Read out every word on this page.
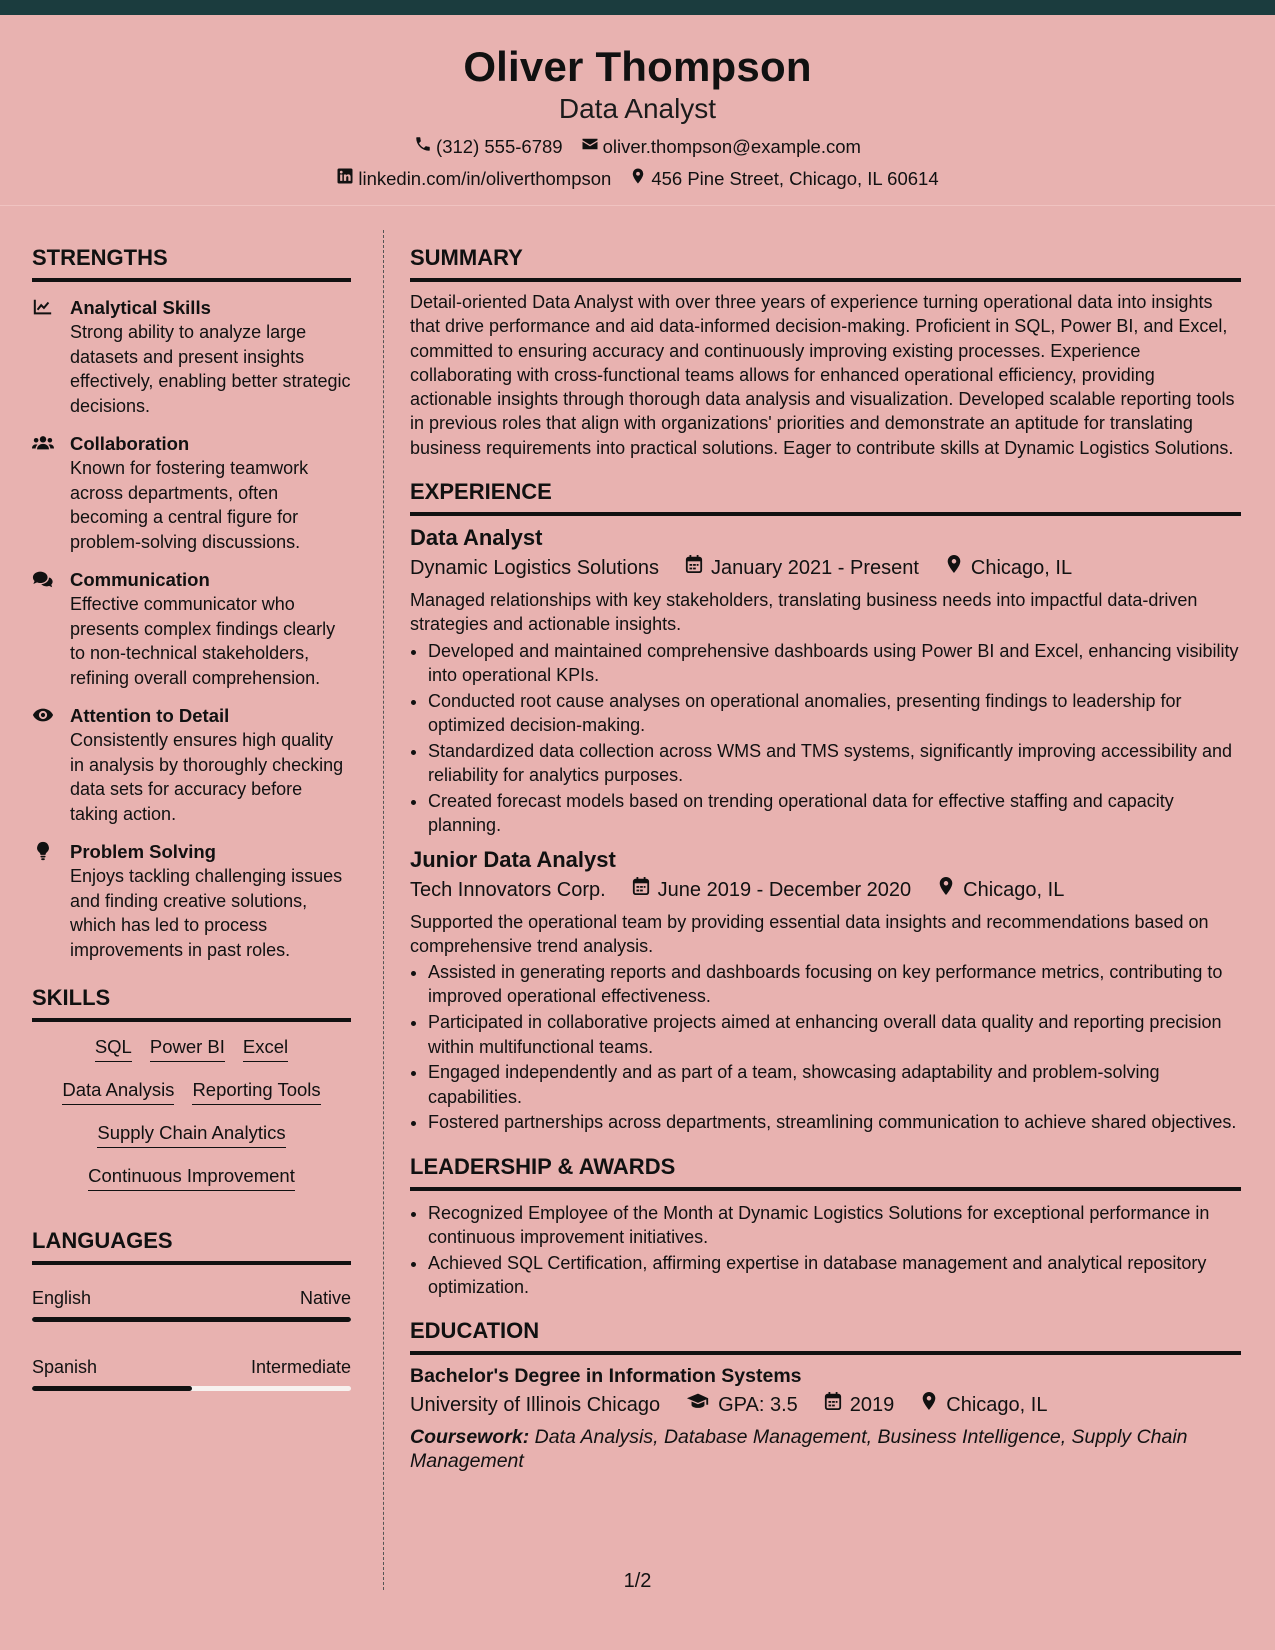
Oliver Thompson
Data Analyst
(312) 555-6789 oliver.thompson@example.com
linkedin.com/in/oliverthompson 456 Pine Street, Chicago, IL 60614
STRENGTHS
Analytical Skills
Strong ability to analyze large datasets and present insights effectively, enabling better strategic decisions.
Collaboration
Known for fostering teamwork across departments, often becoming a central figure for problem-solving discussions.
Communication
Effective communicator who presents complex findings clearly to non-technical stakeholders, refining overall comprehension.
Attention to Detail
Consistently ensures high quality in analysis by thoroughly checking data sets for accuracy before taking action.
Problem Solving
Enjoys tackling challenging issues and finding creative solutions, which has led to process improvements in past roles.
SKILLS
SQL Power BI Excel
Data Analysis Reporting Tools
Supply Chain Analytics
Continuous Improvement
LANGUAGES
English	Native
Spanish	Intermediate
SUMMARY

Detail-oriented Data Analyst with over three years of experience turning operational data into insights that drive performance and aid data-informed decision-making. Proficient in SQL, Power BI, and Excel, committed to ensuring accuracy and continuously improving existing processes. Experience collaborating with cross-functional teams allows for enhanced operational efficiency, providing actionable insights through thorough data analysis and visualization. Developed scalable reporting tools in previous roles that align with organizations' priorities and demonstrate an aptitude for translating business requirements into practical solutions. Eager to contribute skills at Dynamic Logistics Solutions.

EXPERIENCE
Data Analyst
Dynamic Logistics Solutions	January 2021 - Present	Chicago, IL

Managed relationships with key stakeholders, translating business needs into impactful data-driven strategies and actionable insights.

• Developed and maintained comprehensive dashboards using Power BI and Excel, enhancing visibility into operational KPIs.
• Conducted root cause analyses on operational anomalies, presenting findings to leadership for optimized decision-making.
• Standardized data collection across WMS and TMS systems, significantly improving accessibility and reliability for analytics purposes.
• Created forecast models based on trending operational data for effective staffing and capacity planning.
Junior Data Analyst
Tech Innovators Corp.	June 2019 - December 2020	Chicago, IL

Supported the operational team by providing essential data insights and recommendations based on comprehensive trend analysis.

• Assisted in generating reports and dashboards focusing on key performance metrics, contributing to improved operational effectiveness.
• Participated in collaborative projects aimed at enhancing overall data quality and reporting precision within multifunctional teams.
• Engaged independently and as part of a team, showcasing adaptability and problem-solving capabilities.
• Fostered partnerships across departments, streamlining communication to achieve shared objectives.
LEADERSHIP & AWARDS
• Recognized Employee of the Month at Dynamic Logistics Solutions for exceptional performance in continuous improvement initiatives.
• Achieved SQL Certification, affirming expertise in database management and analytical repository optimization.
EDUCATION
Bachelor's Degree in Information Systems
University of Illinois Chicago	GPA: 3.5	2019	Chicago, IL
Coursework: Data Analysis, Database Management, Business Intelligence, Supply Chain Management
1/2
